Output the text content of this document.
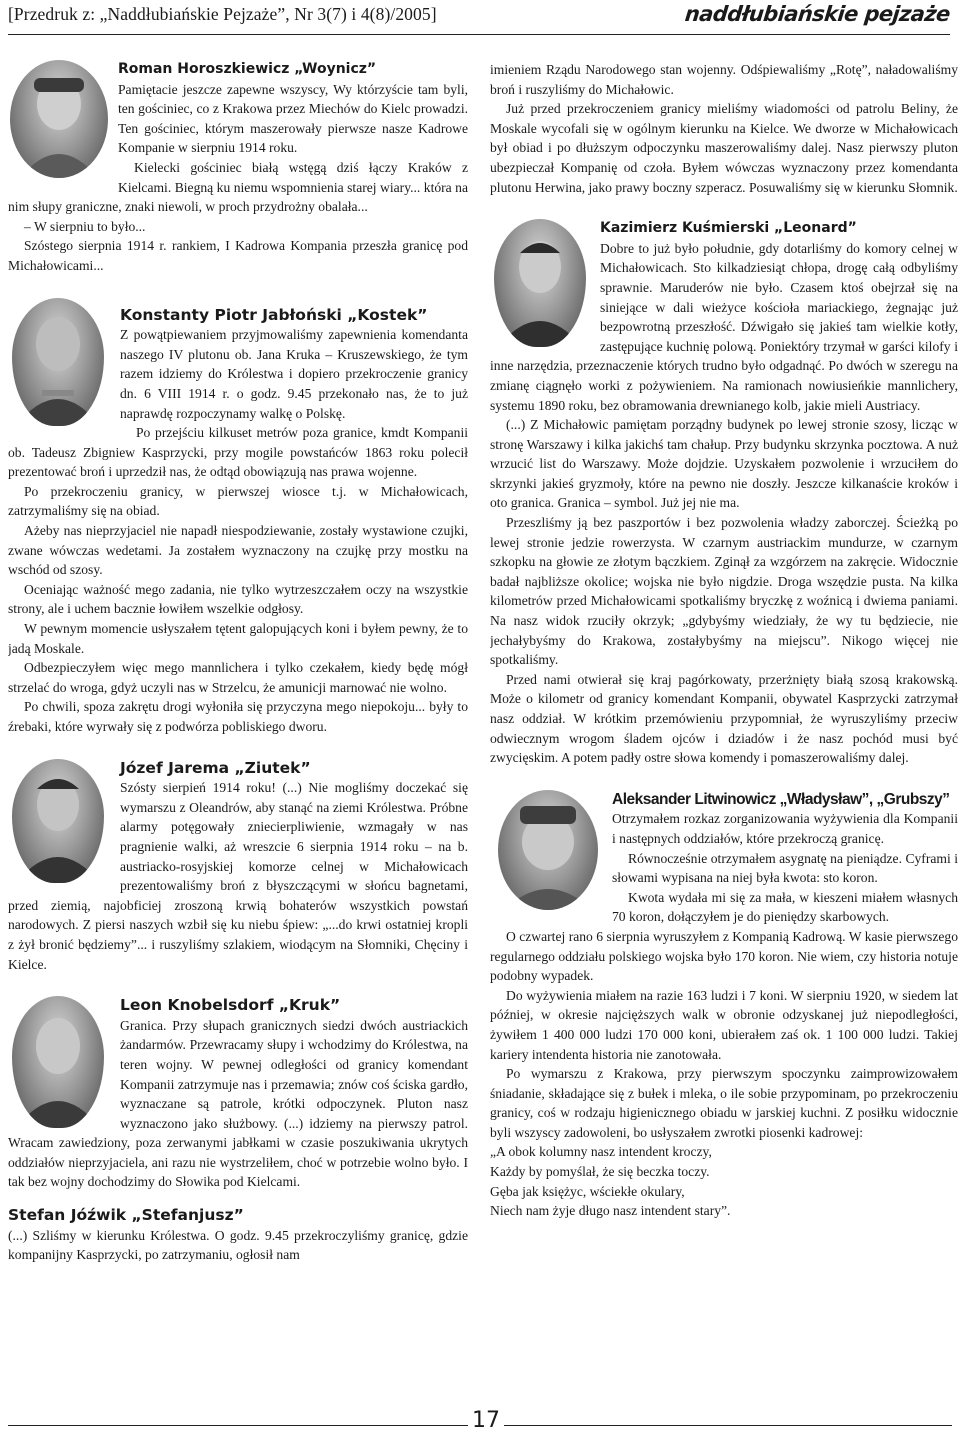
[Przedruk z: „Naddłubiańskie Pejzaże”, Nr 3(7) i 4(8)/2005]	naddłubiańskie pejzaże

Roman Horoszkiewicz „Woynicz”

Pamiętacie jeszcze zapewne wszyscy, Wy którzyście tam byli, ten gościniec, co z Krakowa przez Miechów do Kielc prowadzi. Ten gościniec, którym maszerowały pierwsze nasze Kadrowe Kompanie w sierpniu 1914 roku.

Kielecki gościniec białą wstęgą dziś łączy Kraków z Kielcami. Biegną ku niemu wspomnienia starej wiary... która na nim słupy graniczne, znaki niewoli, w proch przydrożny obalała...

– W sierpniu to było...

Szóstego sierpnia 1914 r. rankiem, I Kadrowa Kompania przeszła granicę pod Michałowicami...

Konstanty Piotr Jabłoński „Kostek”

Z powątpiewaniem przyjmowaliśmy zapewnienia komendanta naszego IV plutonu ob. Jana Kruka – Kruszewskiego, że tym razem idziemy do Królestwa i dopiero przekroczenie granicy dn. 6 VIII 1914 r. o godz. 9.45 przekonało nas, że to już naprawdę rozpoczynamy walkę o Polskę.

Po przejściu kilkuset metrów poza granice, kmdt Kompanii ob. Tadeusz Zbigniew Kasprzycki, przy mogile powstańców 1863 roku polecił prezentować broń i uprzedził nas, że odtąd obowiązują nas prawa wojenne.

Po przekroczeniu granicy, w pierwszej wiosce t.j. w Michałowicach, zatrzymaliśmy się na obiad.

Ażeby nas nieprzyjaciel nie napadł niespodziewanie, zostały wystawione czujki, zwane wówczas wedetami. Ja zostałem wyznaczony na czujkę przy mostku na wschód od szosy.

Oceniając ważność mego zadania, nie tylko wytrzeszczałem oczy na wszystkie strony, ale i uchem bacznie łowiłem wszelkie odgłosy.

W pewnym momencie usłyszałem tętent galopujących koni i byłem pewny, że to jadą Moskale.

Odbezpieczyłem więc mego mannlichera i tylko czekałem, kiedy będę mógł strzelać do wroga, gdyż uczyli nas w Strzelcu, że amunicji marnować nie wolno.

Po chwili, spoza zakrętu drogi wyłoniła się przyczyna mego niepokoju... były to źrebaki, które wyrwały się z podwórza pobliskiego dworu.

Józef Jarema „Ziutek”

Szósty sierpień 1914 roku! (...) Nie mogliśmy doczekać się wymarszu z Oleandrów, aby stanąć na ziemi Królestwa. Próbne alarmy potęgowały zniecierpliwienie, wzmagały w nas pragnienie walki, aż wreszcie 6 sierpnia 1914 roku – na b. austriacko-rosyjskiej komorze celnej w Michałowicach prezentowaliśmy broń z błyszczącymi w słońcu bagnetami, przed ziemią, najobficiej zroszoną krwią bohaterów wszystkich powstań narodowych. Z piersi naszych wzbił się ku niebu śpiew: „...do krwi ostatniej kropli z żył bronić będziemy”... i ruszyliśmy szlakiem, wiodącym na Słomniki, Chęciny i Kielce.

Leon Knobelsdorf „Kruk”

Granica. Przy słupach granicznych siedzi dwóch austriackich żandarmów. Przewracamy słupy i wchodzimy do Królestwa, na teren wojny. W pewnej odległości od granicy komendant Kompanii zatrzymuje nas i przemawia; znów coś ściska gardło, wyznaczane są patrole, krótki odpoczynek. Pluton nasz wyznaczono jako służbowy. (...) idziemy na pierwszy patrol. Wracam zawiedziony, poza zerwanymi jabłkami w czasie poszukiwania ukrytych oddziałów nieprzyjaciela, ani razu nie wystrzeliłem, choć w potrzebie wolno było. I tak bez wojny dochodzimy do Słowika pod Kielcami.

Stefan Jóźwik „Stefanjusz”

(...) Szliśmy w kierunku Królestwa. O godz. 9.45 przekroczyliśmy granicę, gdzie kompanijny Kasprzycki, po zatrzymaniu, ogłosił nam

imieniem Rządu Narodowego stan wojenny. Odśpiewaliśmy „Rotę”, naładowaliśmy broń i ruszyliśmy do Michałowic.

Już przed przekroczeniem granicy mieliśmy wiadomości od patrolu Beliny, że Moskale wycofali się w ogólnym kierunku na Kielce. We dworze w Michałowicach był obiad i po dłuższym odpoczynku maszerowaliśmy dalej. Nasz pierwszy pluton ubezpieczał Kompanię od czoła. Byłem wówczas wyznaczony przez komendanta plutonu Herwina, jako prawy boczny szperacz. Posuwaliśmy się w kierunku Słomnik.

Kazimierz Kuśmierski „Leonard”

Dobre to już było południe, gdy dotarliśmy do komory celnej w Michałowicach. Sto kilkadziesiąt chłopa, drogę całą odbyliśmy sprawnie. Maruderów nie było. Czasem ktoś obejrzał się na siniejące w dali wieżyce kościoła mariackiego, żegnając już bezpowrotną przeszłość. Dźwigało się jakieś tam wielkie kotły, zastępujące kuchnię polową. Poniektóry trzymał w garści kilofy i inne narzędzia, przeznaczenie których trudno było odgadnąć. Po dwóch w szeregu na zmianę ciągnęło worki z pożywieniem. Na ramionach nowiusieńkie mannlichery, systemu 1890 roku, bez obramowania drewnianego kolb, jakie mieli Austriacy.

(...) Z Michałowic pamiętam porządny budynek po lewej stronie szosy, licząc w stronę Warszawy i kilka jakichś tam chałup. Przy budynku skrzynka pocztowa. A nuż wrzucić list do Warszawy. Może dojdzie. Uzyskałem pozwolenie i wrzuciłem do skrzynki jakieś gryzmoły, które na pewno nie doszły. Jeszcze kilkanaście kroków i oto granica. Granica – symbol. Już jej nie ma.

Przeszliśmy ją bez paszportów i bez pozwolenia władzy zaborczej. Ścieżką po lewej stronie jedzie rowerzysta. W czarnym austriackim mundurze, w czarnym szkopku na głowie ze złotym bączkiem. Zginął za wzgórzem na zakręcie. Widocznie badał najbliższe okolice; wojska nie było nigdzie. Droga wszędzie pusta. Na kilka kilometrów przed Michałowicami spotkaliśmy bryczkę z woźnicą i dwiema paniami. Na nasz widok rzuciły okrzyk; „gdybyśmy wiedziały, że wy tu będziecie, nie jechałybyśmy do Krakowa, zostałybyśmy na miejscu”. Nikogo więcej nie spotkaliśmy.

Przed nami otwierał się kraj pagórkowaty, przerżnięty białą szosą krakowską. Może o kilometr od granicy komendant Kompanii, obywatel Kasprzycki zatrzymał nasz oddział. W krótkim przemówieniu przypomniał, że wyruszyliśmy przeciw odwiecznym wrogom śladem ojców i dziadów i że nasz pochód musi być zwycięskim. A potem padły ostre słowa komendy i pomaszerowaliśmy dalej.

Aleksander Litwinowicz „Władysław”, „Grubszy”

Otrzymałem rozkaz zorganizowania wyżywienia dla Kompanii i następnych oddziałów, które przekroczą granicę.

Równocześnie otrzymałem asygnatę na pieniądze. Cyframi i słowami wypisana na niej była kwota: sto koron.

Kwota wydała mi się za mała, w kieszeni miałem własnych 70 koron, dołączyłem je do pieniędzy skarbowych.

O czwartej rano 6 sierpnia wyruszyłem z Kompanią Kadrową. W kasie pierwszego regularnego oddziału polskiego wojska było 170 koron. Nie wiem, czy historia notuje podobny wypadek.

Do wyżywienia miałem na razie 163 ludzi i 7 koni. W sierpniu 1920, w siedem lat później, w okresie najcięższych walk w obronie odzyskanej już niepodległości, żywiłem 1 400 000 ludzi 170 000 koni, ubierałem zaś ok. 1 100 000 ludzi. Takiej kariery intendenta historia nie zanotowała.

Po wymarszu z Krakowa, przy pierwszym spoczynku zaimprowizowałem śniadanie, składające się z bułek i mleka, o ile sobie przypominam, po przekroczeniu granicy, coś w rodzaju higienicznego obiadu w jarskiej kuchni. Z posiłku widocznie byli wszyscy zadowoleni, bo usłyszałem zwrotki piosenki kadrowej:

„A obok kolumny nasz intendent kroczy,

Każdy by pomyślał, że się beczka toczy.

Gęba jak księżyc, wściekłe okulary,

Niech nam żyje długo nasz intendent stary”.

17
